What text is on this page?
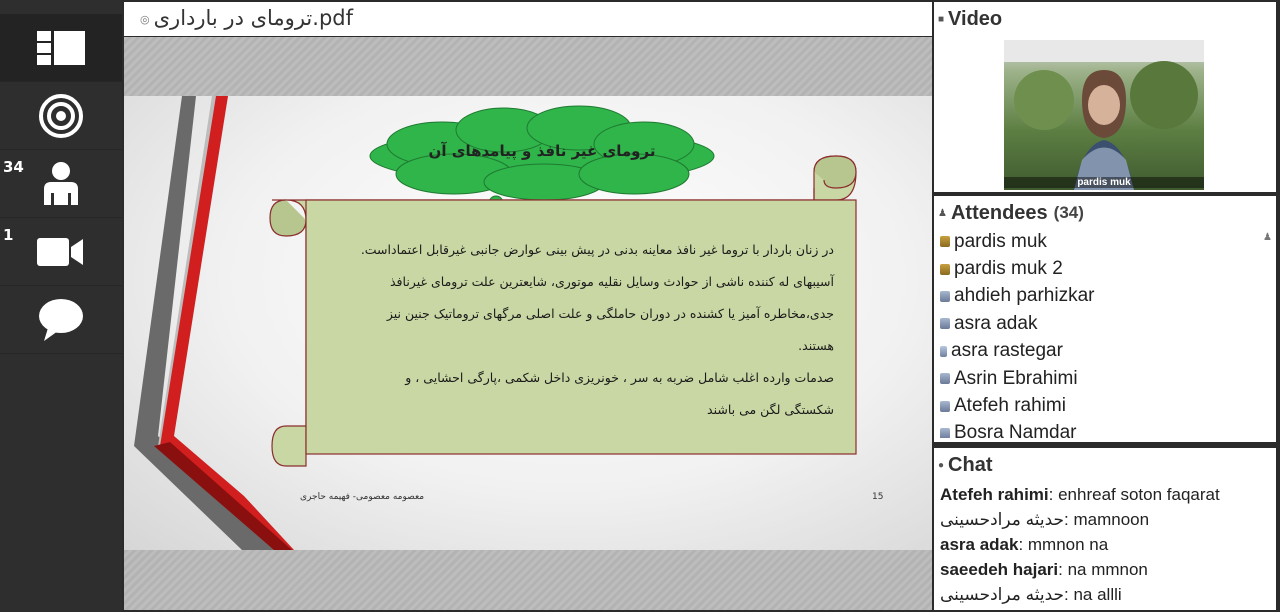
34
1
◎ ترومای در بارداری.pdf
ترومای غیر نافذ و پیامدهای آن

در زنان باردار با تروما غیر نافذ معاینه بدنی در پیش بینی عوارض جانبی غیرقابل اعتماداست.

آسیبهای له کننده ناشی از حوادث وسایل نقلیه موتوری، شایعترین علت ترومای غیرنافذ

جدی،مخاطره آمیز یا کشنده در دوران حاملگی و علت اصلی مرگهای تروماتیک جنین نیز

هستند.

صدمات وارده اغلب شامل ضربه به سر ، خونریزی داخل شکمی ،پارگی احشایی ، و

شکستگی لگن می باشند

معصومه معصومی- فهیمه حاجری	15
■ Video
pardis muk
♟ Attendees (34)
♟
pardis muk
pardis muk 2
ahdieh parhizkar
asra adak
asra rastegar
Asrin Ebrahimi
Atefeh rahimi
Bosra Namdar
● Chat
Atefeh rahimi: enhreaf soton faqarat
حدیثه مرادحسینی: mamnoon
asra adak: mmnon na
saeedeh hajari: na mmnon
حدیثه مرادحسینی: na allli
